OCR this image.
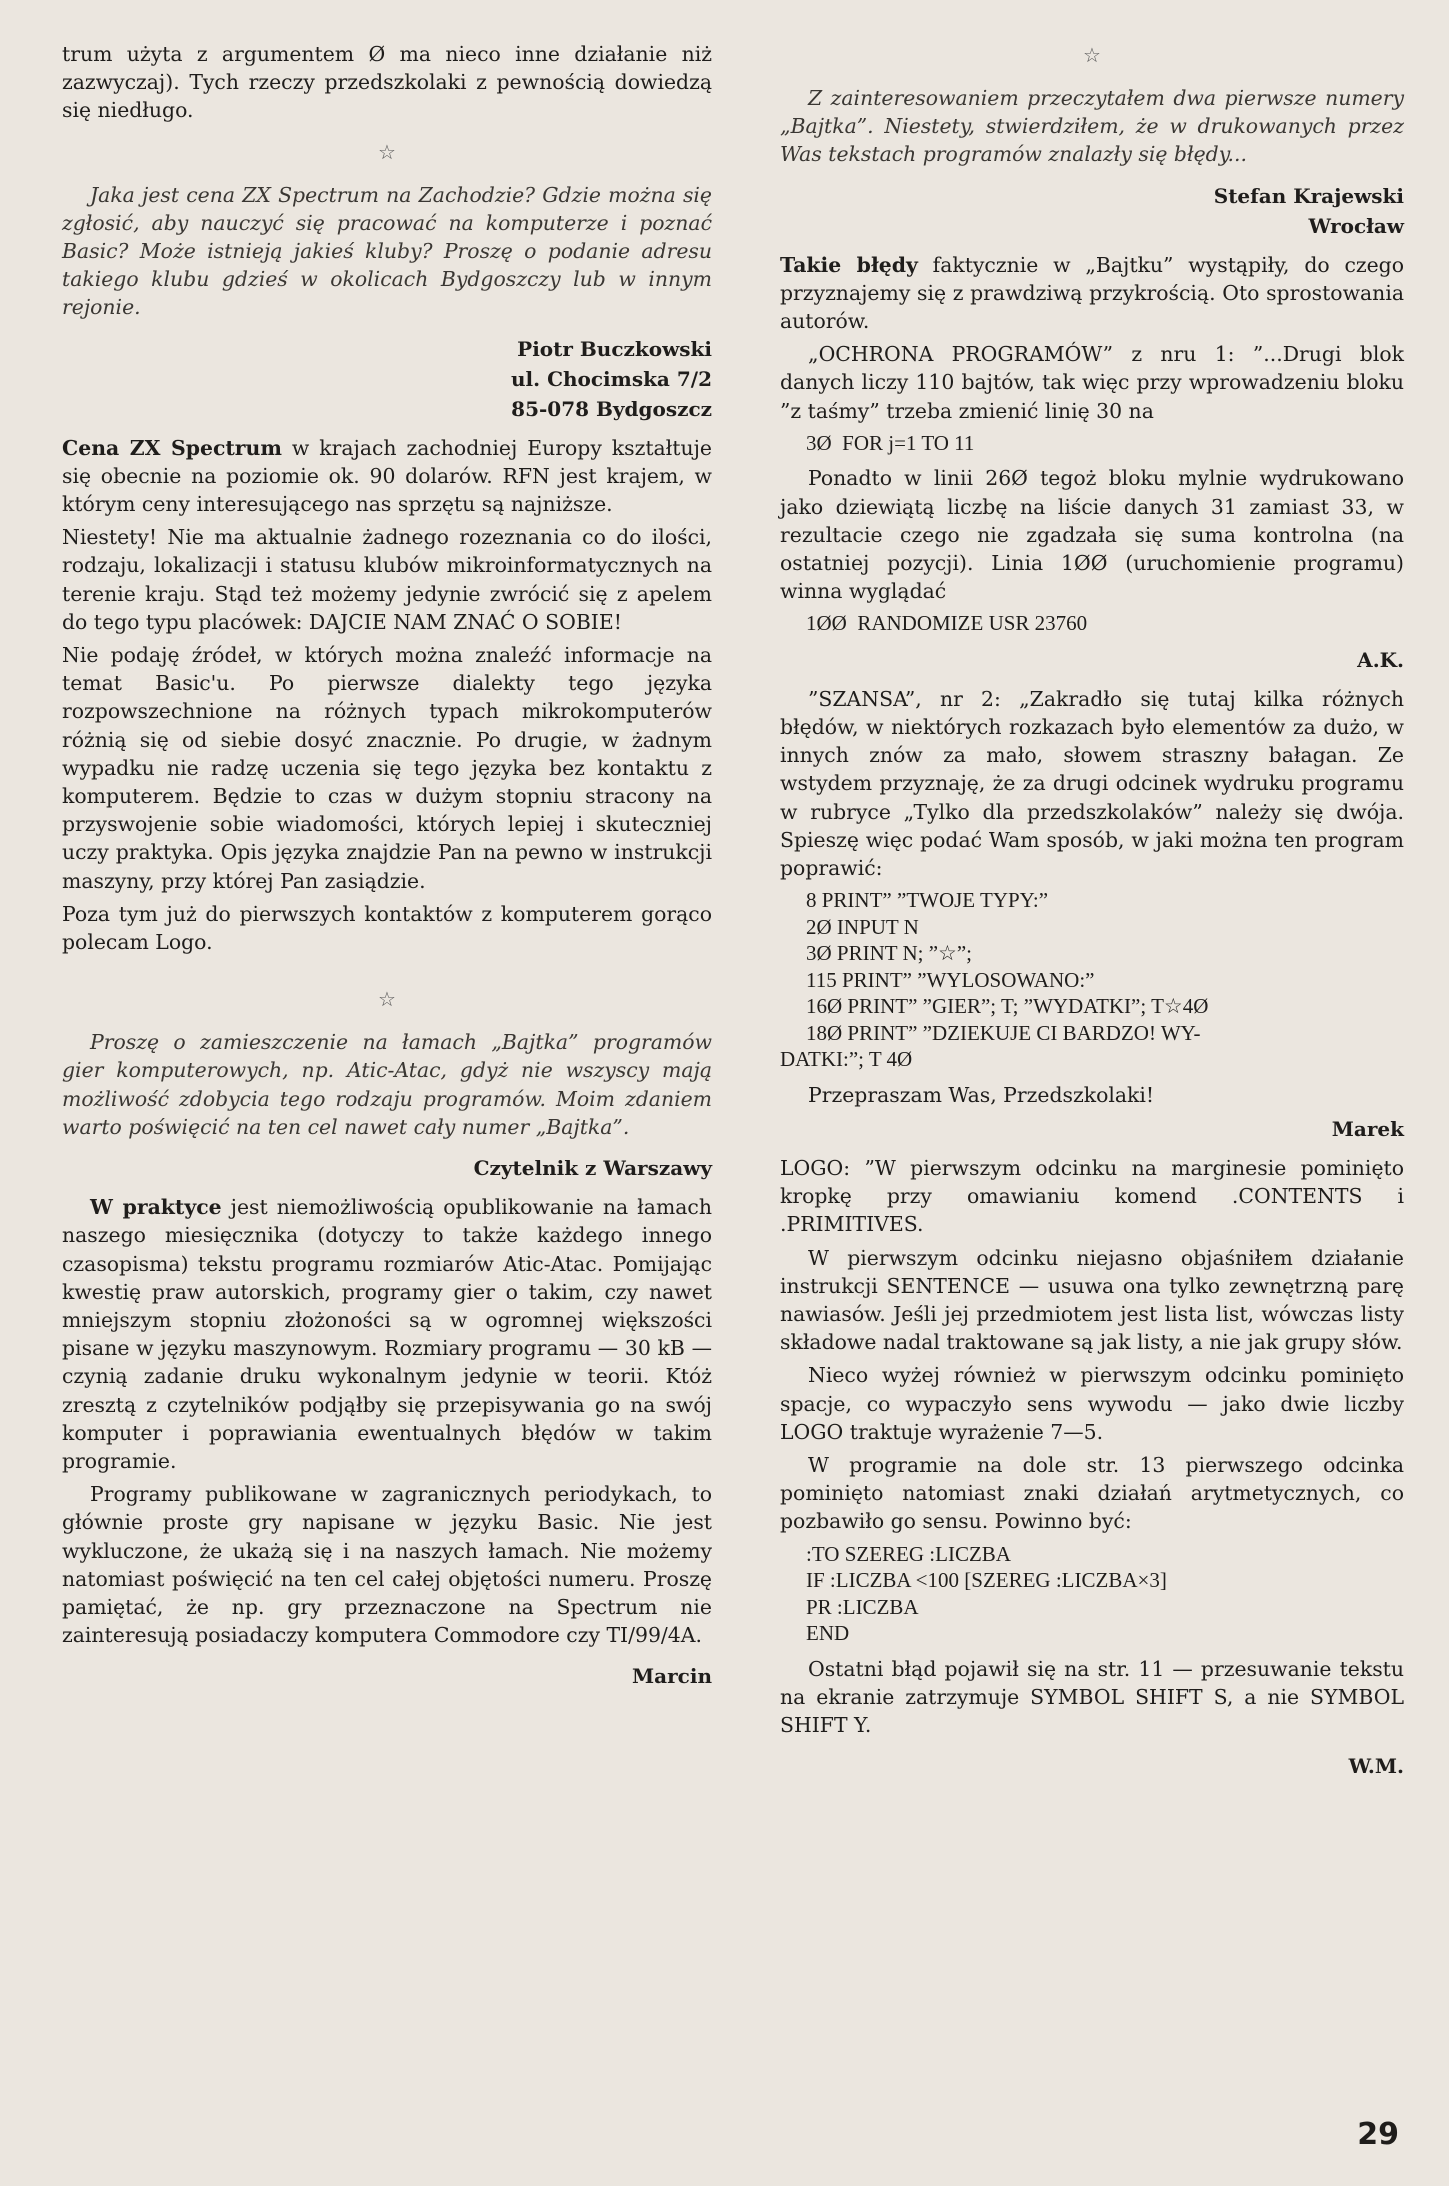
trum użyta z argumentem Ø ma nieco inne działanie niż zazwyczaj). Tych rzeczy przedszkolaki z pewnością dowiedzą się niedługo.

☆

Jaka jest cena ZX Spectrum na Zachodzie? Gdzie można się zgłosić, aby nauczyć się pracować na komputerze i poznać Basic? Może istnieją jakieś kluby? Proszę o podanie adresu takiego klubu gdzieś w okolicach Bydgoszczy lub w innym rejonie.

Piotr Buczkowski
ul. Chocimska 7/2
85-078 Bydgoszcz

Cena ZX Spectrum w krajach zachodniej Europy kształtuje się obecnie na poziomie ok. 90 dolarów. RFN jest krajem, w którym ceny interesującego nas sprzętu są najniższe.

Niestety! Nie ma aktualnie żadnego rozeznania co do ilości, rodzaju, lokalizacji i statusu klubów mikroinformatycznych na terenie kraju. Stąd też możemy jedynie zwrócić się z apelem do tego typu placówek: DAJCIE NAM ZNAĆ O SOBIE!

Nie podaję źródeł, w których można znaleźć informacje na temat Basic'u. Po pierwsze dialekty tego języka rozpowszechnione na różnych typach mikrokomputerów różnią się od siebie dosyć znacznie. Po drugie, w żadnym wypadku nie radzę uczenia się tego języka bez kontaktu z komputerem. Będzie to czas w dużym stopniu stracony na przyswojenie sobie wiadomości, których lepiej i skuteczniej uczy praktyka. Opis języka znajdzie Pan na pewno w instrukcji maszyny, przy której Pan zasiądzie.

Poza tym już do pierwszych kontaktów z komputerem gorąco polecam Logo.

☆

Proszę o zamieszczenie na łamach „Bajtka” programów gier komputerowych, np. Atic-Atac, gdyż nie wszyscy mają możliwość zdobycia tego rodzaju programów. Moim zdaniem warto poświęcić na ten cel nawet cały numer „Bajtka”.

Czytelnik z Warszawy

W praktyce jest niemożliwością opublikowanie na łamach naszego miesięcznika (dotyczy to także każdego innego czasopisma) tekstu programu rozmiarów Atic-Atac. Pomijając kwestię praw autorskich, programy gier o takim, czy nawet mniejszym stopniu złożoności są w ogromnej większości pisane w języku maszynowym. Rozmiary programu — 30 kB — czynią zadanie druku wykonalnym jedynie w teorii. Któż zresztą z czytelników podjąłby się przepisywania go na swój komputer i poprawiania ewentualnych błędów w takim programie.

Programy publikowane w zagranicznych periodykach, to głównie proste gry napisane w języku Basic. Nie jest wykluczone, że ukażą się i na naszych łamach. Nie możemy natomiast poświęcić na ten cel całej objętości numeru. Proszę pamiętać, że np. gry przeznaczone na Spectrum nie zainteresują posiadaczy komputera Commodore czy TI/99/4A.

Marcin
☆

Z zainteresowaniem przeczytałem dwa pierwsze numery „Bajtka”. Niestety, stwierdziłem, że w drukowanych przez Was tekstach programów znalazły się błędy...

Stefan Krajewski
Wrocław

Takie błędy faktycznie w „Bajtku” wystąpiły, do czego przyznajemy się z prawdziwą przykrością. Oto sprostowania autorów.

„OCHRONA PROGRAMÓW” z nru 1: ”...Drugi blok danych liczy 110 bajtów, tak więc przy wprowadzeniu bloku ”z taśmy” trzeba zmienić linię 30 na

3Ø  FOR j=1 TO 11

Ponadto w linii 26Ø tegoż bloku mylnie wydrukowano jako dziewiątą liczbę na liście danych 31 zamiast 33, w rezultacie czego nie zgadzała się suma kontrolna (na ostatniej pozycji). Linia 1ØØ (uruchomienie programu) winna wyglądać

1ØØ  RANDOMIZE USR 23760
A.K.

”SZANSA”, nr 2: „Zakradło się tutaj kilka różnych błędów, w niektórych rozkazach było elementów za dużo, w innych znów za mało, słowem straszny bałagan. Ze wstydem przyznaję, że za drugi odcinek wydruku programu w rubryce „Tylko dla przedszkolaków” należy się dwója. Spieszę więc podać Wam sposób, w jaki można ten program poprawić:

8 PRINT” ”TWOJE TYPY:”
2Ø INPUT N
3Ø PRINT N; ”☆”;
115 PRINT” ”WYLOSOWANO:”
16Ø PRINT” ”GIER”; T; ”WYDATKI”; T☆4Ø
18Ø PRINT” ”DZIEKUJE CI BARDZO! WY-
DATKI:”; T 4Ø

Przepraszam Was, Przedszkolaki!

Marek

LOGO: ”W pierwszym odcinku na marginesie pominięto kropkę przy omawianiu komend .CONTENTS i .PRIMITIVES.

W pierwszym odcinku niejasno objaśniłem działanie instrukcji SENTENCE — usuwa ona tylko zewnętrzną parę nawiasów. Jeśli jej przedmiotem jest lista list, wówczas listy składowe nadal traktowane są jak listy, a nie jak grupy słów.

Nieco wyżej również w pierwszym odcinku pominięto spacje, co wypaczyło sens wywodu — jako dwie liczby LOGO traktuje wyrażenie 7—5.

W programie na dole str. 13 pierwszego odcinka pominięto natomiast znaki działań arytmetycznych, co pozbawiło go sensu. Powinno być:

:TO SZEREG :LICZBA
IF :LICZBA <100 [SZEREG :LICZBA×3]
PR :LICZBA
END

Ostatni błąd pojawił się na str. 11 — przesuwanie tekstu na ekranie zatrzymuje SYMBOL SHIFT S, a nie SYMBOL SHIFT Y.

W.M.
29
